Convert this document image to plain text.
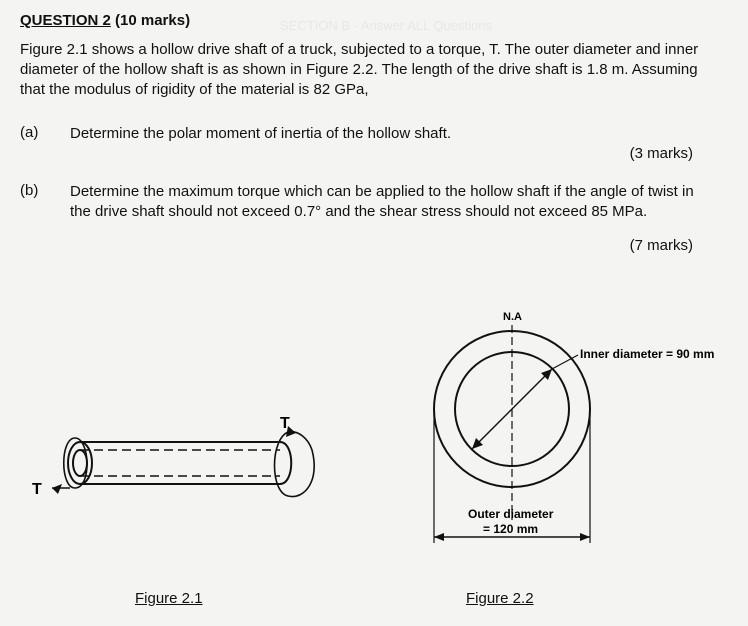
SECTION B - Answer ALL Questions

QUESTION 2 (10 marks)
Figure 2.1 shows a hollow drive shaft of a truck, subjected to a torque, T. The outer diameter and inner diameter of the hollow shaft is as shown in Figure 2.2. The length of the drive shaft is 1.8 m. Assuming that the modulus of rigidity of the material is 82 GPa,
(a) Determine the polar moment of inertia of the hollow shaft.
(3 marks)
(b) Determine the maximum torque which can be applied to the hollow shaft if the angle of twist in the drive shaft should not exceed 0.7° and the shear stress should not exceed 85 MPa.
(7 marks)
T
T
N.A
Inner diameter = 90 mm
Outer diameter
= 120 mm
Figure 2.1	Figure 2.2
